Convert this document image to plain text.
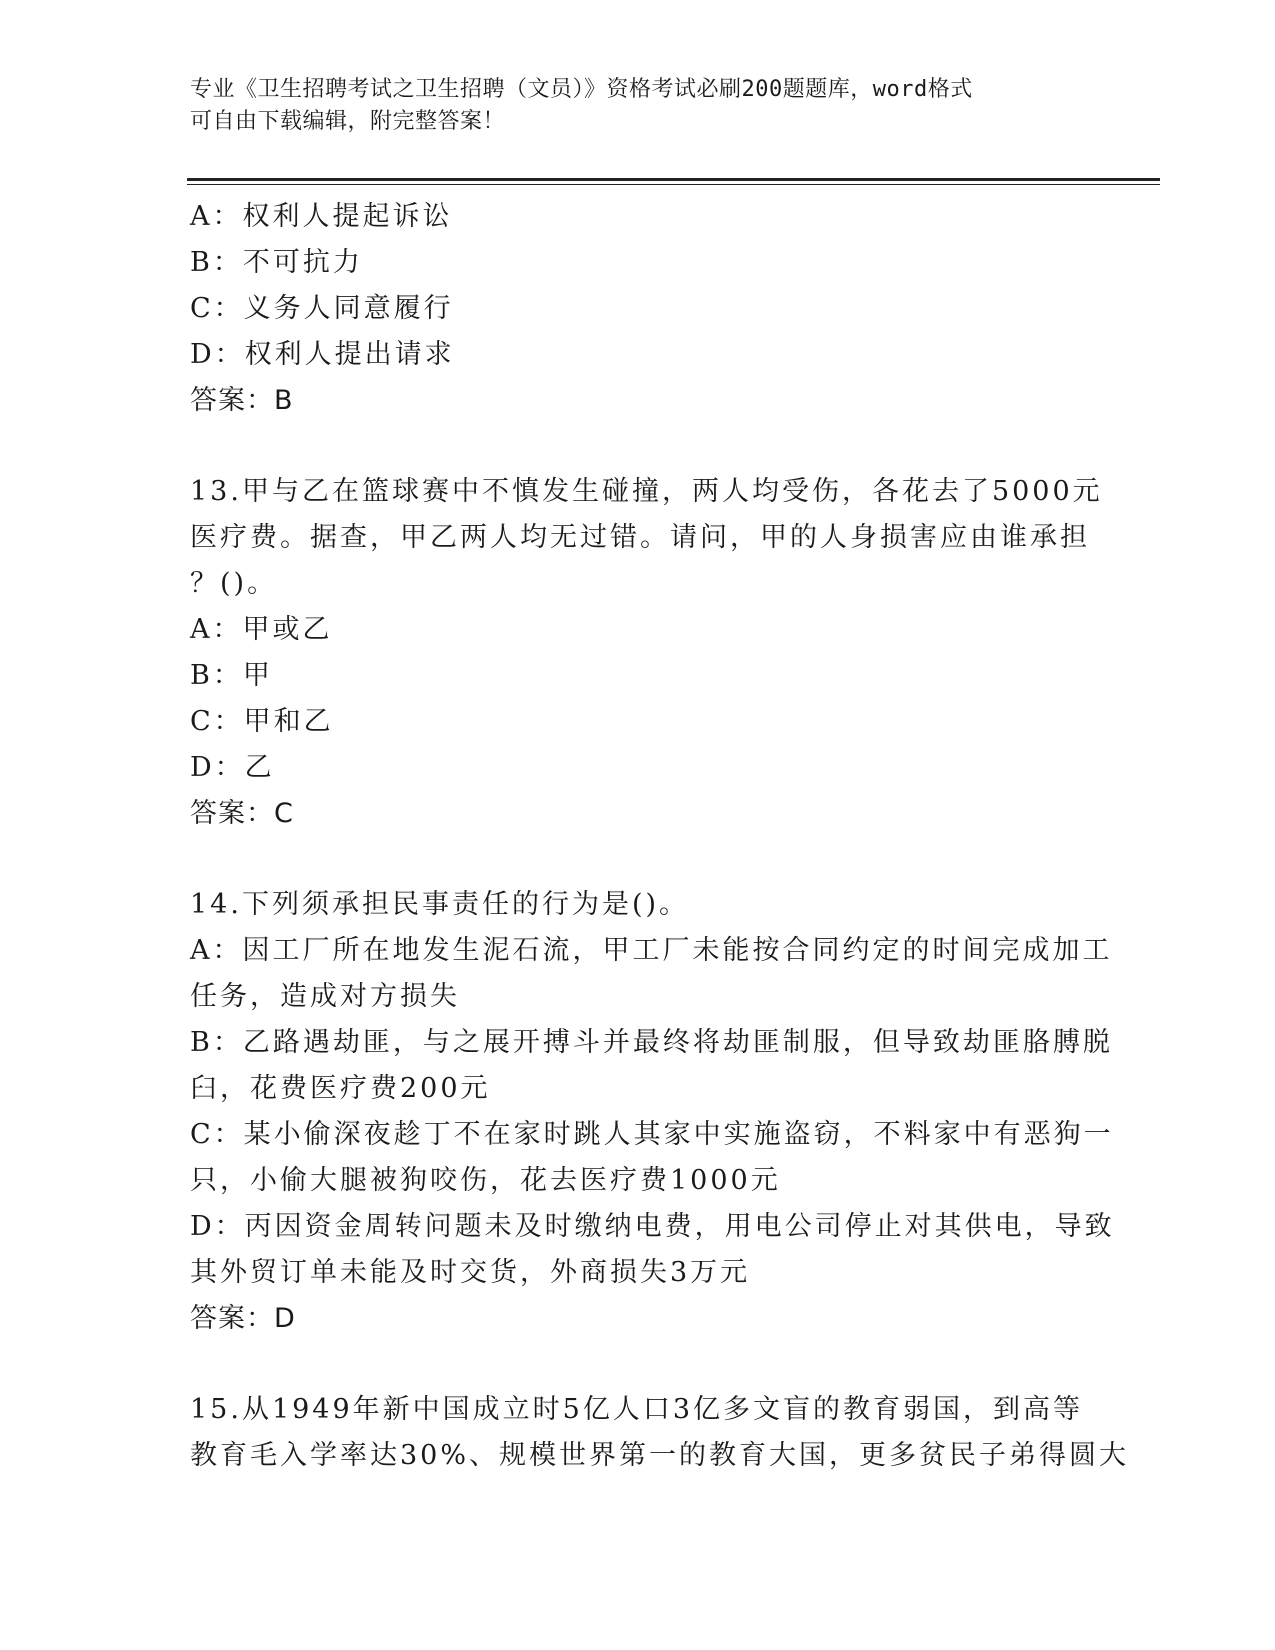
专业《卫生招聘考试之卫生招聘（文员）》资格考试必刷200题题库，word格式
可自由下载编辑，附完整答案！
A：权利人提起诉讼
B：不可抗力
C：义务人同意履行
D：权利人提出请求
答案：B
13.甲与乙在篮球赛中不慎发生碰撞，两人均受伤，各花去了5000元
医疗费。据查，甲乙两人均无过错。请问，甲的人身损害应由谁承担
？()。
A：甲或乙
B：甲
C：甲和乙
D：乙
答案：C
14.下列须承担民事责任的行为是()。
A：因工厂所在地发生泥石流，甲工厂未能按合同约定的时间完成加工
任务，造成对方损失
B：乙路遇劫匪，与之展开搏斗并最终将劫匪制服，但导致劫匪胳膊脱
臼，花费医疗费200元
C：某小偷深夜趁丁不在家时跳人其家中实施盗窃，不料家中有恶狗一
只，小偷大腿被狗咬伤，花去医疗费1000元
D：丙因资金周转问题未及时缴纳电费，用电公司停止对其供电，导致
其外贸订单未能及时交货，外商损失3万元
答案：D
15.从1949年新中国成立时5亿人口3亿多文盲的教育弱国，到高等
教育毛入学率达30%、规模世界第一的教育大国，更多贫民子弟得圆大
